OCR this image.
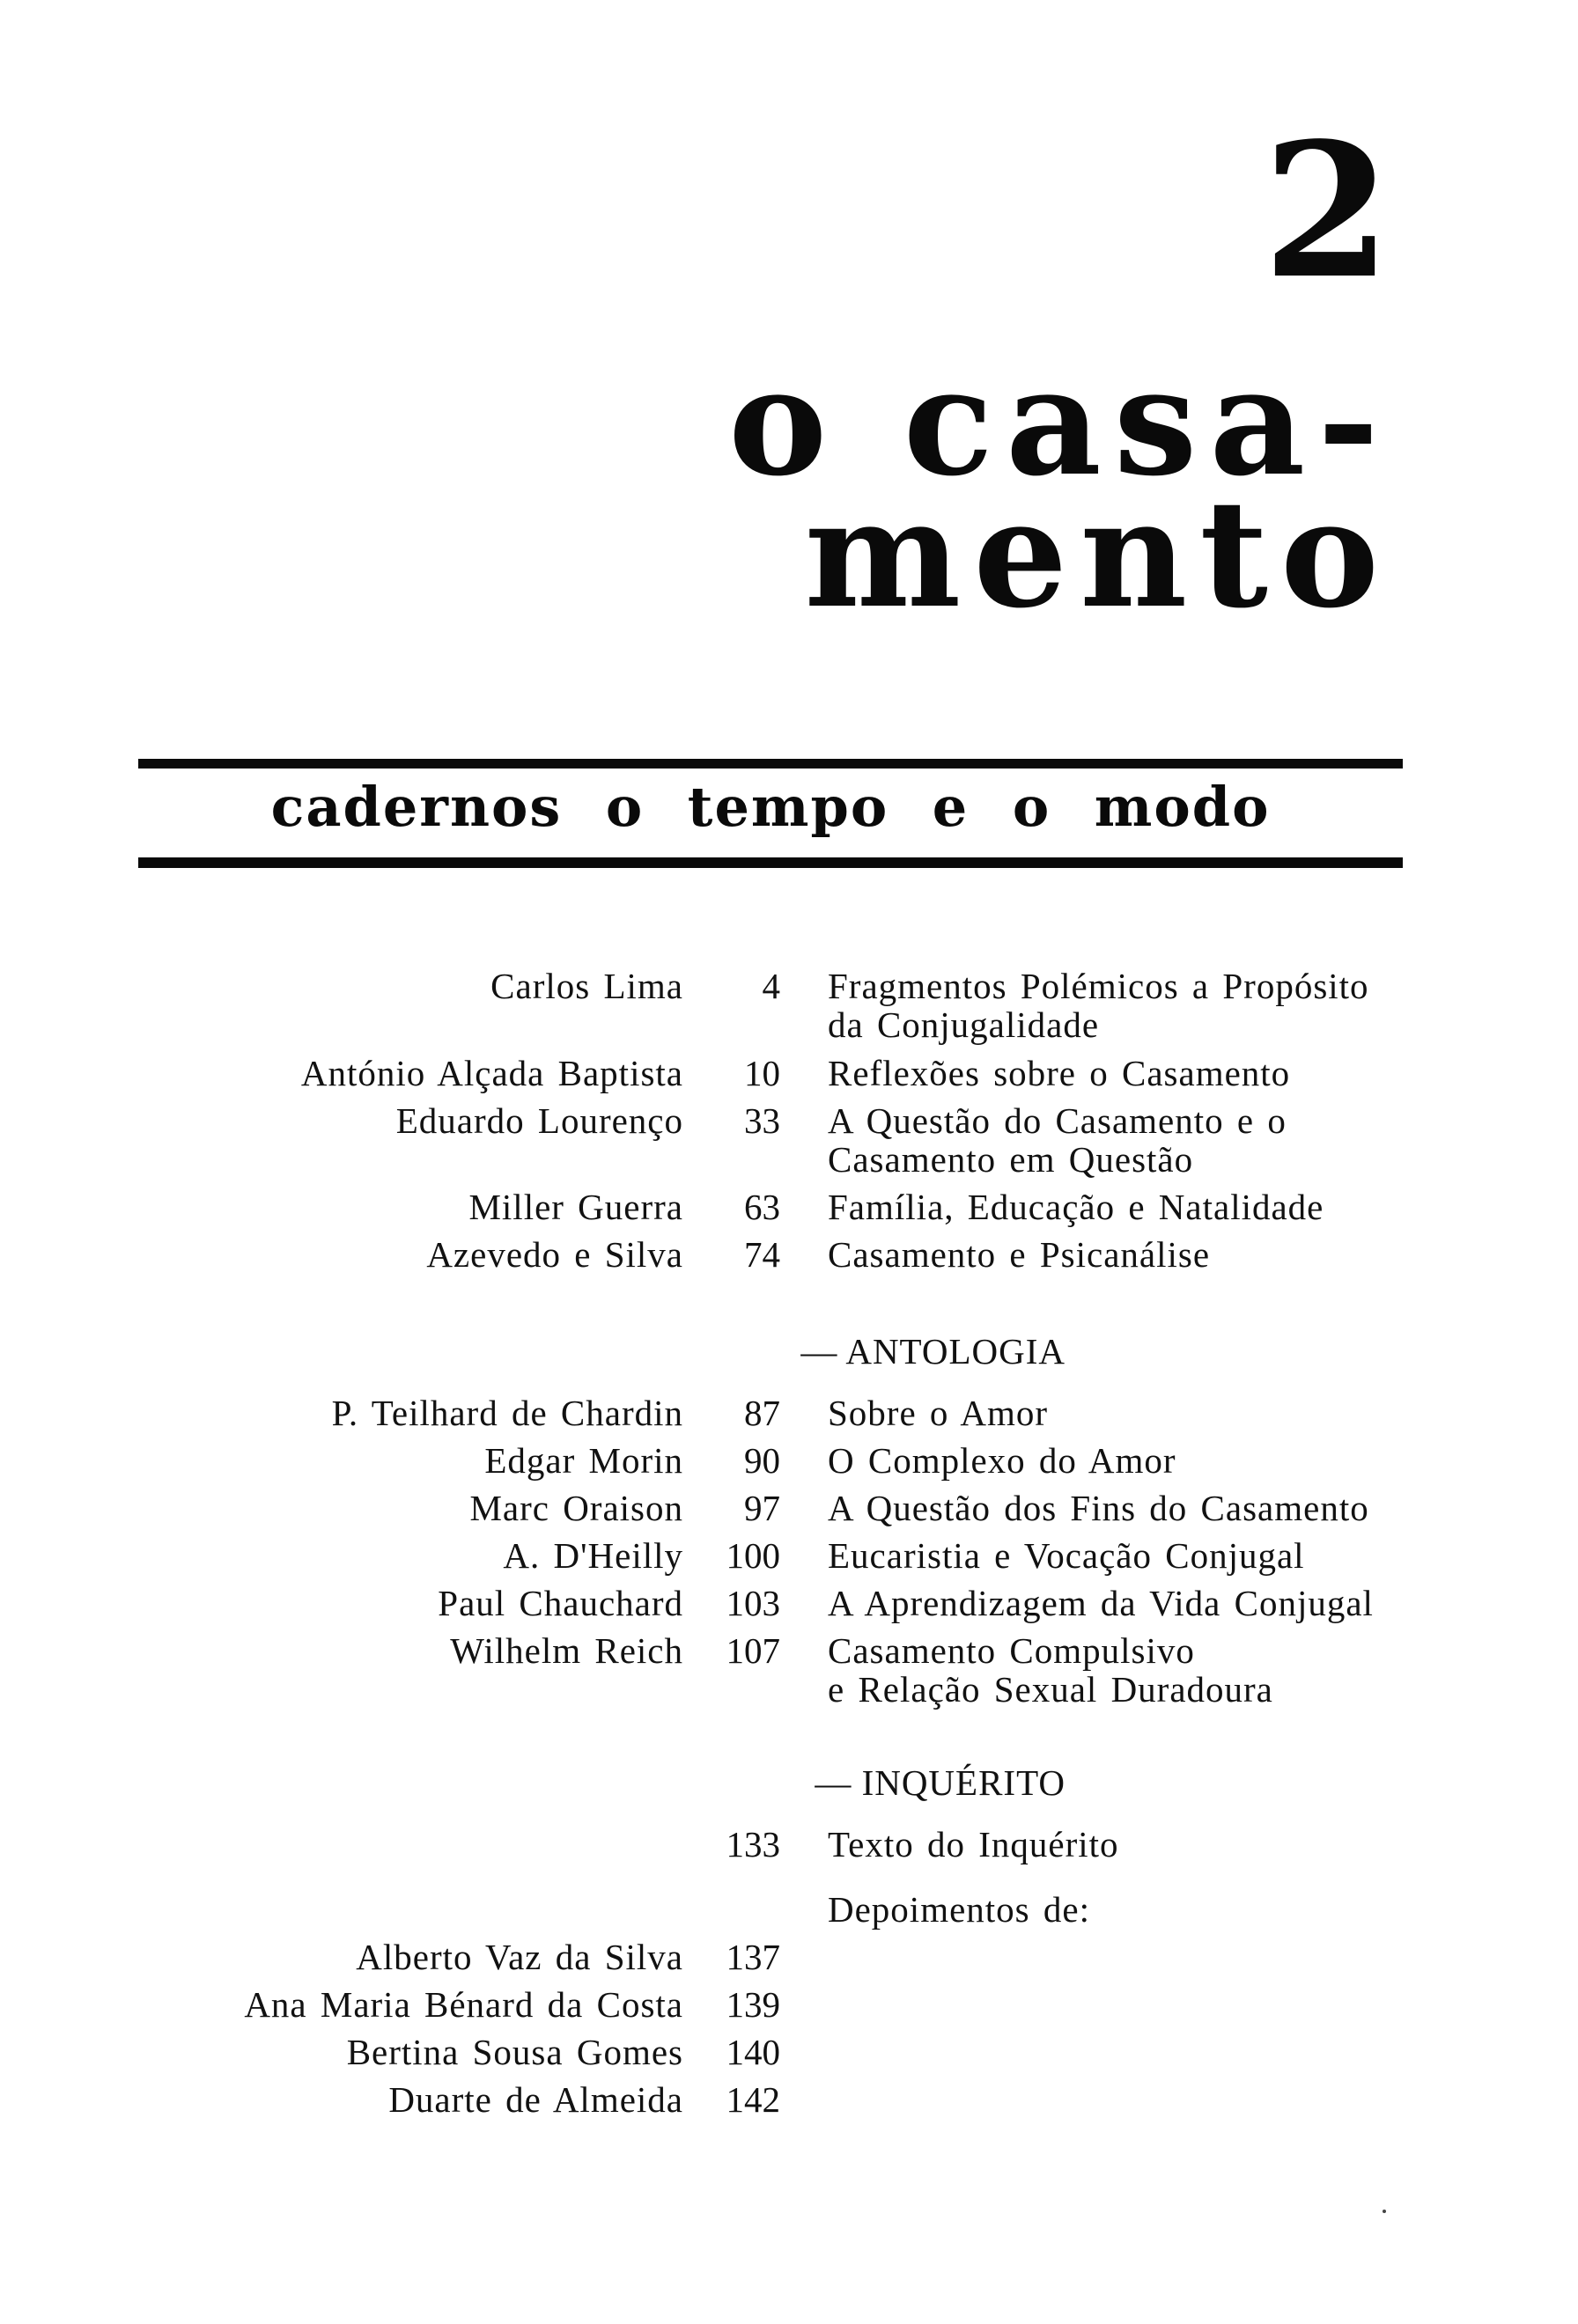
2
o casa-
mento
cadernos o tempo e o modo
Carlos Lima 4 Fragmentos Polémicos a Propósito
da Conjugalidade
António Alçada Baptista 10 Reflexões sobre o Casamento
Eduardo Lourenço 33 A Questão do Casamento e o
Casamento em Questão
Miller Guerra 63 Família, Educação e Natalidade
Azevedo e Silva 74 Casamento e Psicanálise
— ANTOLOGIA
P. Teilhard de Chardin 87 Sobre o Amor
Edgar Morin 90 O Complexo do Amor
Marc Oraison 97 A Questão dos Fins do Casamento
A. D'Heilly 100 Eucaristia e Vocação Conjugal
Paul Chauchard 103 A Aprendizagem da Vida Conjugal
Wilhelm Reich 107 Casamento Compulsivo
e Relação Sexual Duradoura
— INQUÉRITO
133 Texto do Inquérito
Depoimentos de:
Alberto Vaz da Silva 137
Ana Maria Bénard da Costa 139
Bertina Sousa Gomes 140
Duarte de Almeida 142
